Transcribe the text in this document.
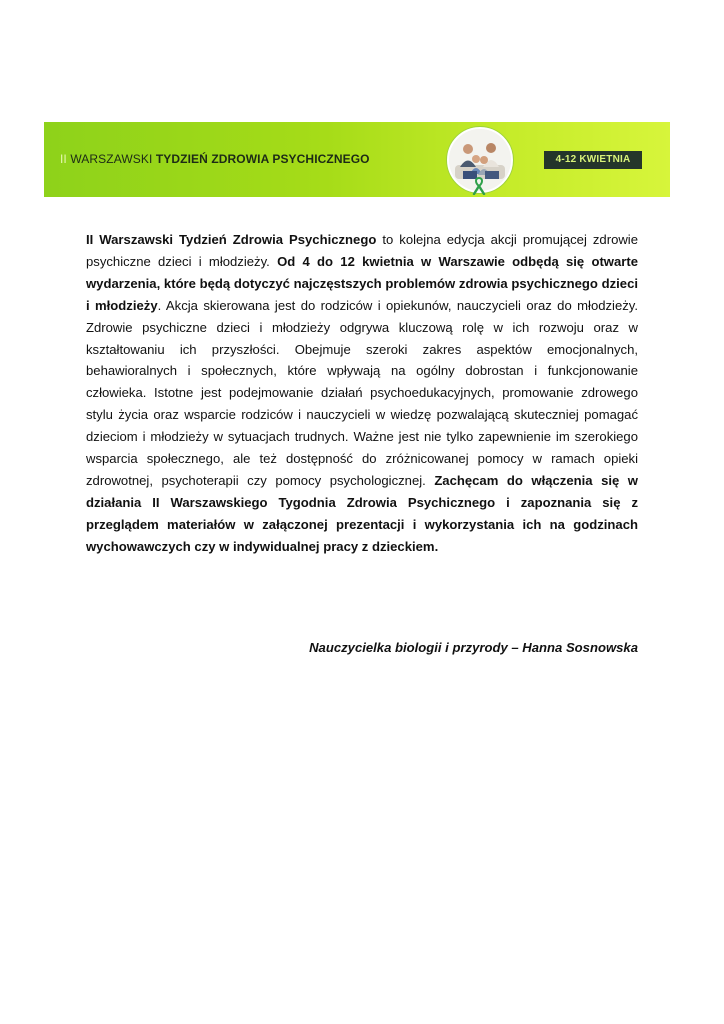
II WARSZAWSKI TYDZIEŃ ZDROWIA PSYCHICZNEGO	4-12 KWIETNIA

II Warszawski Tydzień Zdrowia Psychicznego to kolejna edycja akcji promującej zdrowie psychiczne dzieci i młodzieży. Od 4 do 12 kwietnia w Warszawie odbędą się otwarte wydarzenia, które będą dotyczyć najczęstszych problemów zdrowia psychicznego dzieci i młodzieży. Akcja skierowana jest do rodziców i opiekunów, nauczycieli oraz do młodzieży. Zdrowie psychiczne dzieci i młodzieży odgrywa kluczową rolę w ich rozwoju oraz w kształtowaniu ich przyszłości. Obejmuje szeroki zakres aspektów emocjonalnych, behawioralnych i społecznych, które wpływają na ogólny dobrostan i funkcjonowanie człowieka. Istotne jest podejmowanie działań psychoedukacyjnych, promowanie zdrowego stylu życia oraz wsparcie rodziców i nauczycieli w wiedzę pozwalającą skuteczniej pomagać dzieciom i młodzieży w sytuacjach trudnych. Ważne jest nie tylko zapewnienie im szerokiego wsparcia społecznego, ale też dostępność do zróżnicowanej pomocy w ramach opieki zdrowotnej, psychoterapii czy pomocy psychologicznej. Zachęcam do włączenia się w działania II Warszawskiego Tygodnia Zdrowia Psychicznego i zapoznania się z przeglądem materiałów w załączonej prezentacji i wykorzystania ich na godzinach wychowawczych czy w indywidualnej pracy z dzieckiem.

Nauczycielka biologii i przyrody – Hanna Sosnowska
